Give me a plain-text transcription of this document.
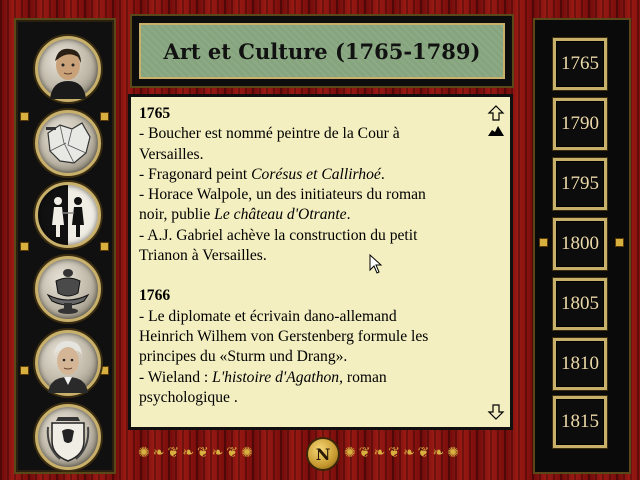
Art et Culture (1765-1789)

1765

- Boucher est nommé peintre de la Cour à

Versailles.

- Fragonard peint Corésus et Callirhoé.

- Horace Walpole, un des initiateurs du roman

noir, publie Le château d'Otrante.

- A.J. Gabriel achève la construction du petit

Trianon à Versailles.

1766

- Le diplomate et écrivain dano-allemand

Heinrich Wilhem von Gerstenberg formule les

principes du «Sturm und Drang».

- Wieland : L'histoire d'Agathon, roman

psychologique .

✺ ❧ ❦ ❧ ❦ ❧ ❦ ✺	N ✺ ❦ ❧ ❦ ❧ ❦ ❧ ✺
1765
1790
1795
1800
1805
1810
1815
